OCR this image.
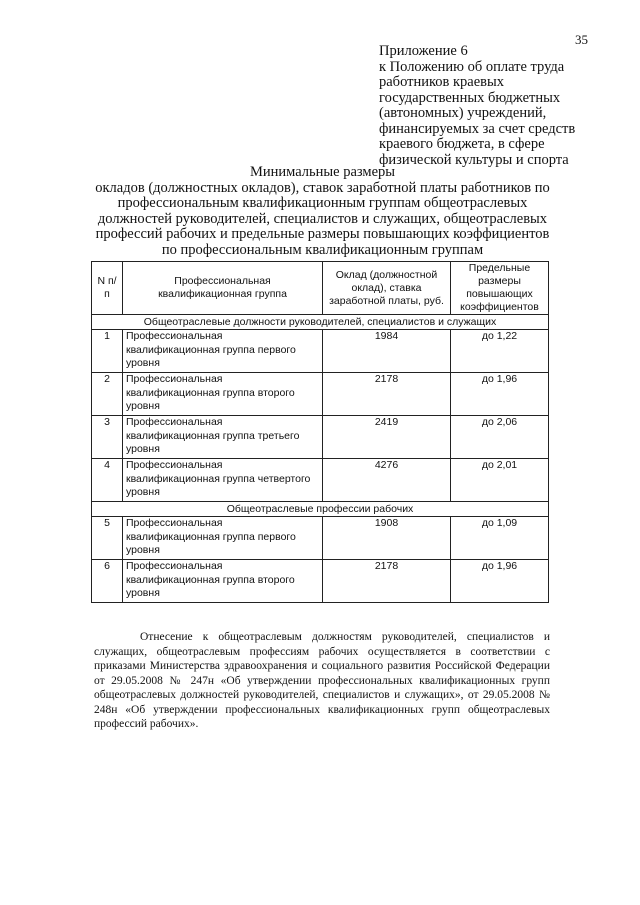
35
Приложение 6
к Положению об оплате труда
работников краевых
государственных бюджетных
(автономных) учреждений,
финансируемых за счет средств
краевого бюджета, в сфере
физической культуры и спорта
Минимальные размеры
окладов (должностных окладов), ставок заработной платы работников по профессиональным квалификационным группам общеотраслевых должностей руководителей, специалистов и служащих, общеотраслевых профессий рабочих и предельные размеры повышающих коэффициентов по профессиональным квалификационным группам
N п/п	Профессиональная квалификационная группа	Оклад (должностной оклад), ставка заработной платы, руб.	Предельные размеры повышающих коэффициентов
Общеотраслевые должности руководителей, специалистов и служащих			
1	Профессиональная квалификационная группа первого уровня	1984	до 1,22
2	Профессиональная квалификационная группа второго уровня	2178	до 1,96
3	Профессиональная квалификационная группа третьего уровня	2419	до 2,06
4	Профессиональная квалификационная группа четвертого уровня	4276	до 2,01
Общеотраслевые профессии рабочих			
5	Профессиональная квалификационная группа первого уровня	1908	до 1,09
6	Профессиональная квалификационная группа второго уровня	2178	до 1,96
Отнесение к общеотраслевым должностям руководителей, специалистов и служащих, общеотраслевым профессиям рабочих осуществляется в соответствии с приказами Министерства здравоохранения и социального развития Российской Федерации от 29.05.2008 № 247н «Об утверждении профессиональных квалификационных групп общеотраслевых должностей руководителей, специалистов и служащих», от 29.05.2008 № 248н «Об утверждении профессиональных квалификационных групп общеотраслевых профессий рабочих».
